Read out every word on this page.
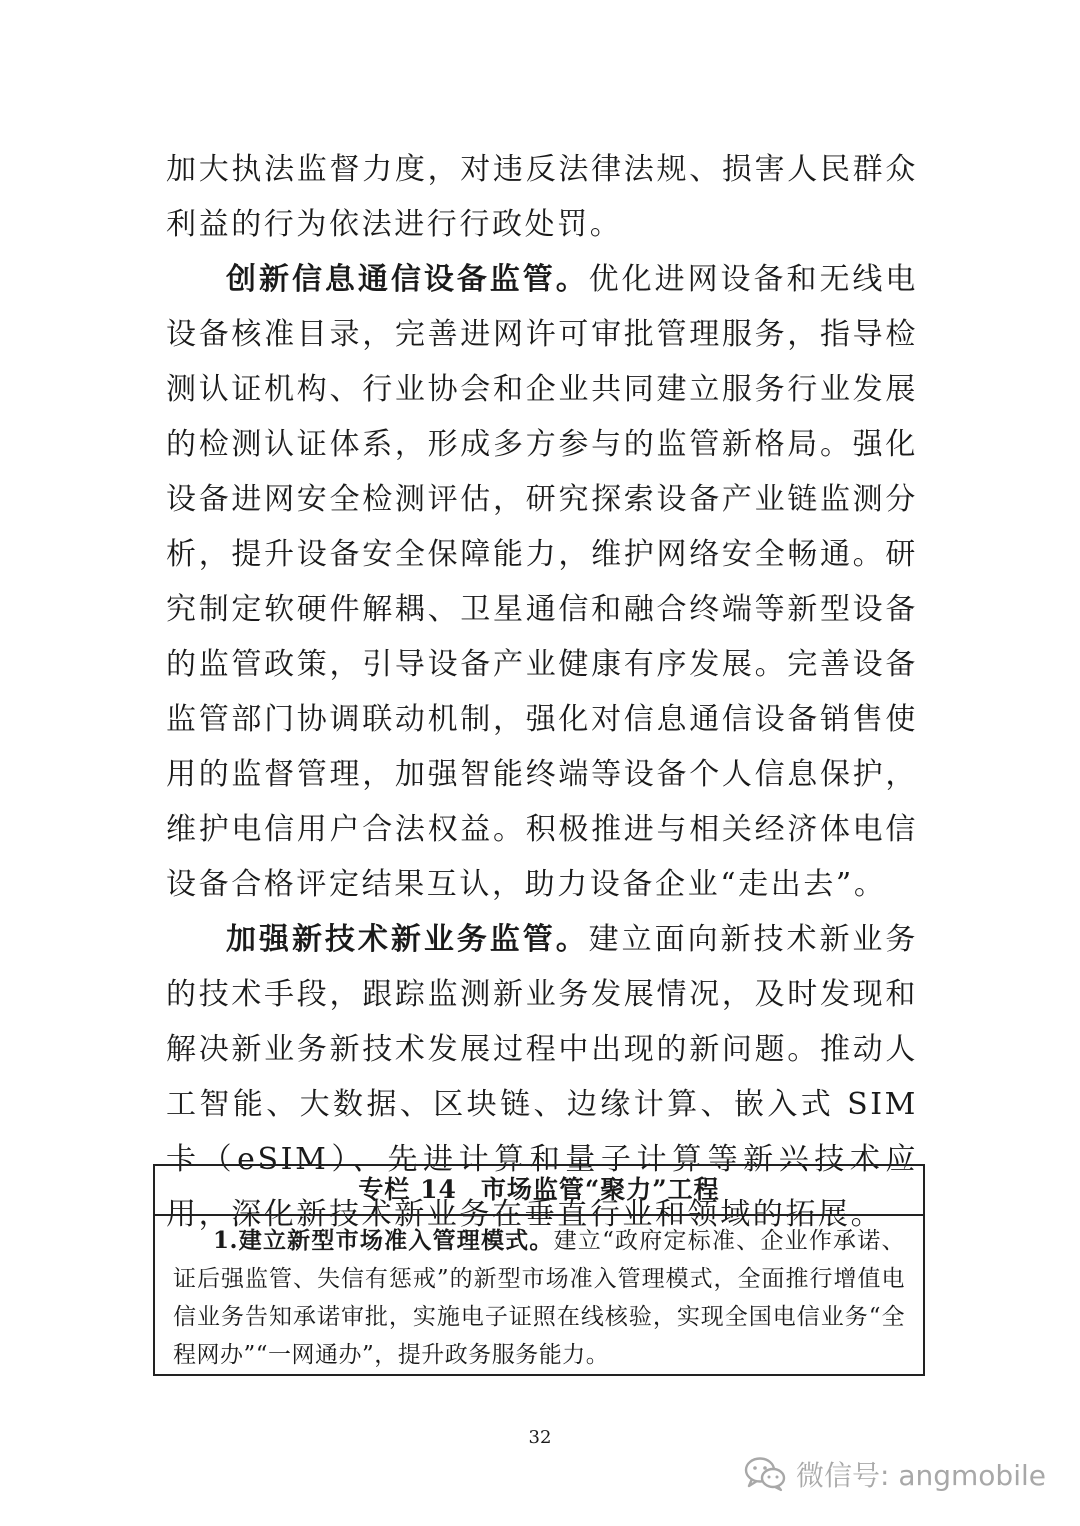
加大执法监督力度，对违反法律法规、损害人民群众利益的行为依法进行行政处罚。

创新信息通信设备监管。优化进网设备和无线电设备核准目录，完善进网许可审批管理服务，指导检测认证机构、行业协会和企业共同建立服务行业发展的检测认证体系，形成多方参与的监管新格局。强化设备进网安全检测评估，研究探索设备产业链监测分析，提升设备安全保障能力，维护网络安全畅通。研究制定软硬件解耦、卫星通信和融合终端等新型设备的监管政策，引导设备产业健康有序发展。完善设备监管部门协调联动机制，强化对信息通信设备销售使用的监督管理，加强智能终端等设备个人信息保护，维护电信用户合法权益。积极推进与相关经济体电信设备合格评定结果互认，助力设备企业“走出去”。

加强新技术新业务监管。建立面向新技术新业务的技术手段，跟踪监测新业务发展情况，及时发现和解决新业务新技术发展过程中出现的新问题。推动人工智能、大数据、区块链、边缘计算、嵌入式 SIM 卡（eSIM）、先进计算和量子计算等新兴技术应用，深化新技术新业务在垂直行业和领域的拓展。

专栏 14 市场监管“聚力”工程
1.建立新型市场准入管理模式。建立“政府定标准、企业作承诺、证后强监管、失信有惩戒”的新型市场准入管理模式，全面推行增值电信业务告知承诺审批，实施电子证照在线核验，实现全国电信业务“全程网办”“一网通办”，提升政务服务能力。
32
微信号: angmobile
